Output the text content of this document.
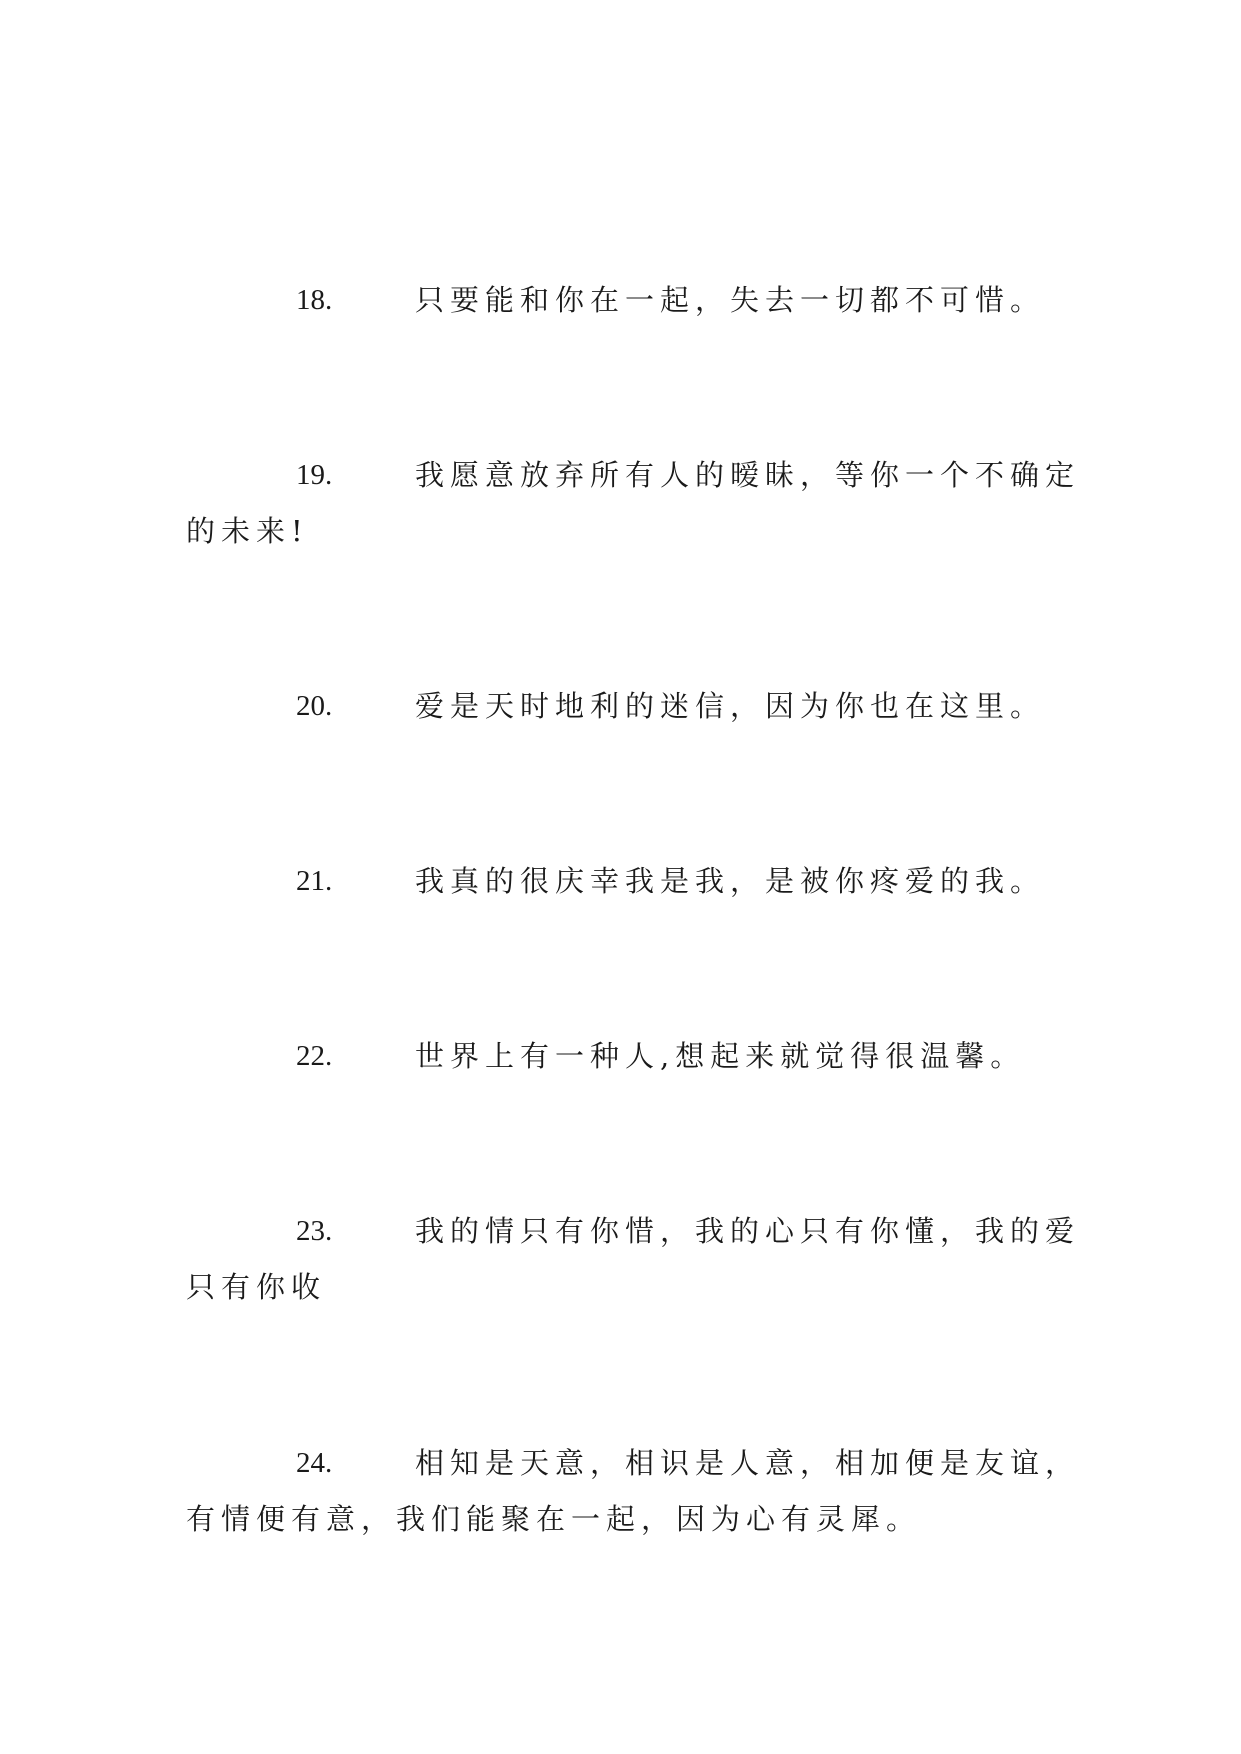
18.	只要能和你在一起，失去一切都不可惜。
19.	我愿意放弃所有人的暧昧，等你一个不确定
的未来!
20.	爱是天时地利的迷信，因为你也在这里。
21.	我真的很庆幸我是我，是被你疼爱的我。
22.	世界上有一种人,想起来就觉得很温馨。
23.	我的情只有你惜，我的心只有你懂，我的爱
只有你收
24.	相知是天意，相识是人意，相加便是友谊，
有情便有意，我们能聚在一起，因为心有灵犀。
